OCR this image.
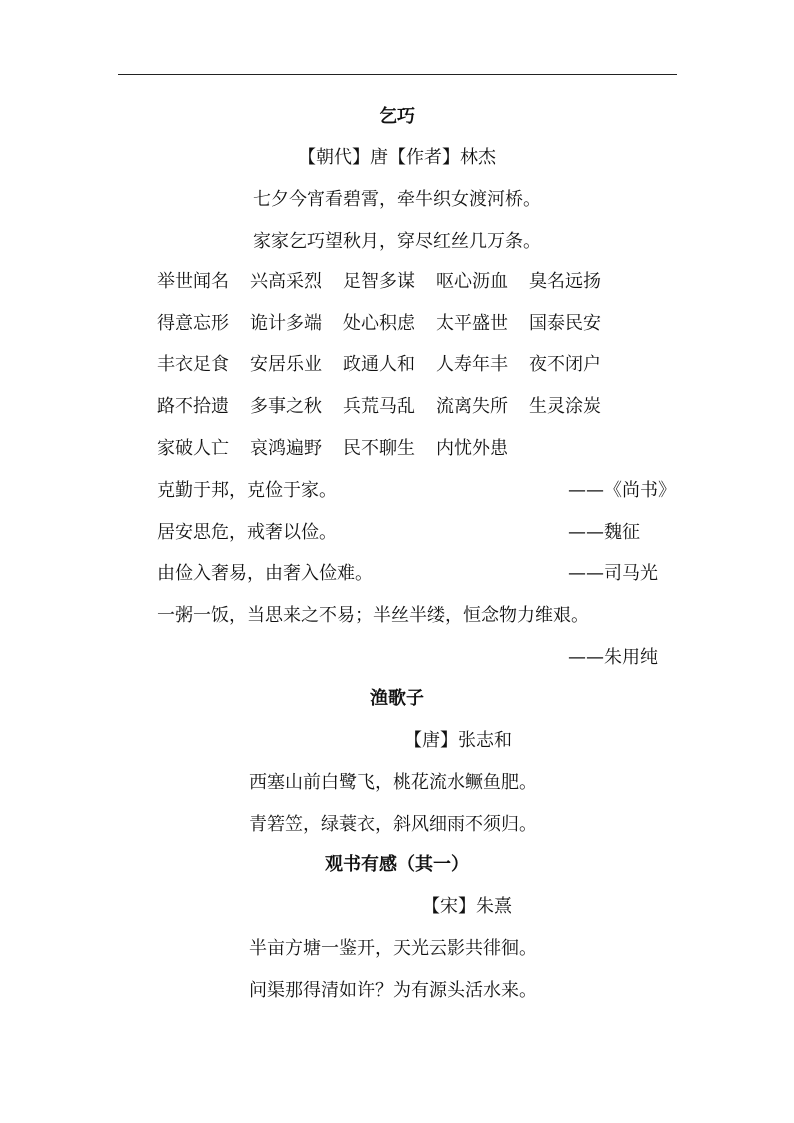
乞巧
【朝代】唐【作者】林杰
七夕今宵看碧霄，牵牛织女渡河桥。
家家乞巧望秋月，穿尽红丝几万条。
举世闻名 兴高采烈 足智多谋 呕心沥血 臭名远扬
得意忘形 诡计多端 处心积虑 太平盛世 国泰民安
丰衣足食 安居乐业 政通人和 人寿年丰 夜不闭户
路不拾遗 多事之秋 兵荒马乱 流离失所 生灵涂炭
家破人亡 哀鸿遍野 民不聊生 内忧外患
克勤于邦，克俭于家。	——《尚书》
居安思危，戒奢以俭。	——魏征
由俭入奢易，由奢入俭难。	——司马光
一粥一饭，当思来之不易；半丝半缕，恒念物力维艰。
——朱用纯
渔歌子
【唐】张志和
西塞山前白鹭飞，桃花流水鳜鱼肥。
青箬笠，绿蓑衣，斜风细雨不须归。
观书有感（其一）
【宋】朱熹
半亩方塘一鉴开，天光云影共徘徊。
问渠那得清如许？为有源头活水来。
